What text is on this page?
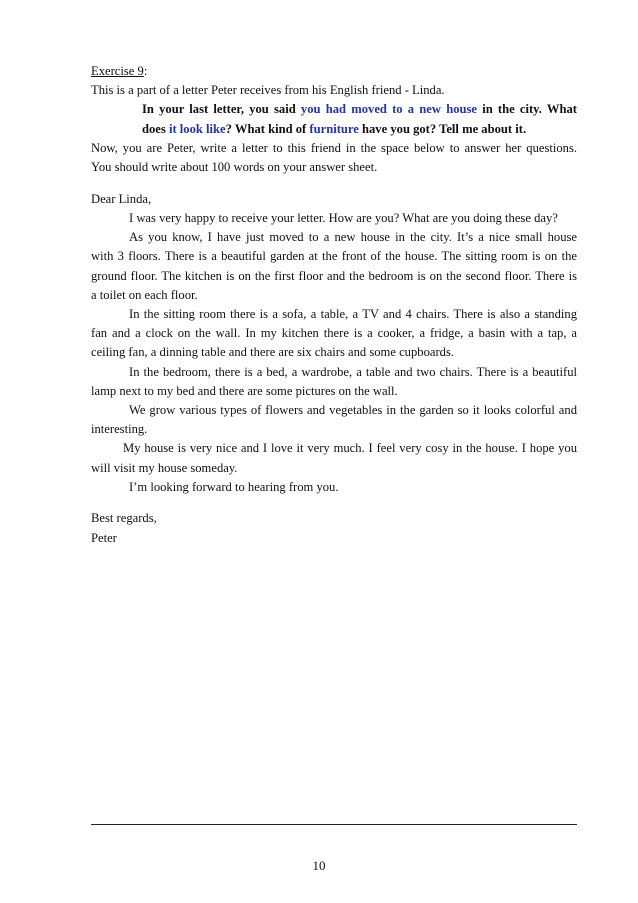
Exercise 9:
This is a part of a letter Peter receives from his English friend - Linda.
In your last letter, you said you had moved to a new house in the city. What
does it look like? What kind of furniture have you got? Tell me about it.
Now, you are Peter, write a letter to this friend in the space below to answer her questions.
You should write about 100 words on your answer sheet.
Dear Linda,
I was very happy to receive your letter. How are you? What are you doing these day?
As you know, I have just moved to a new house in the city. It’s a nice small house
with 3 floors. There is a beautiful garden at the front of the house. The sitting room is on the
ground floor. The kitchen is on the first floor and the bedroom is on the second floor. There is
a toilet on each floor.
In the sitting room there is a sofa, a table, a TV and 4 chairs. There is also a standing
fan and a clock on the wall. In my kitchen there is a cooker, a fridge, a basin with a tap, a
ceiling fan, a dinning table and there are six chairs and some cupboards.
In the bedroom, there is a bed, a wardrobe, a table and two chairs. There is a beautiful
lamp next to my bed and there are some pictures on the wall.
We grow various types of flowers and vegetables in the garden so it looks colorful and
interesting.
My house is very nice and I love it very much. I feel very cosy in the house. I hope you
will visit my house someday.
I’m looking forward to hearing from you.
Best regards,
Peter
10
